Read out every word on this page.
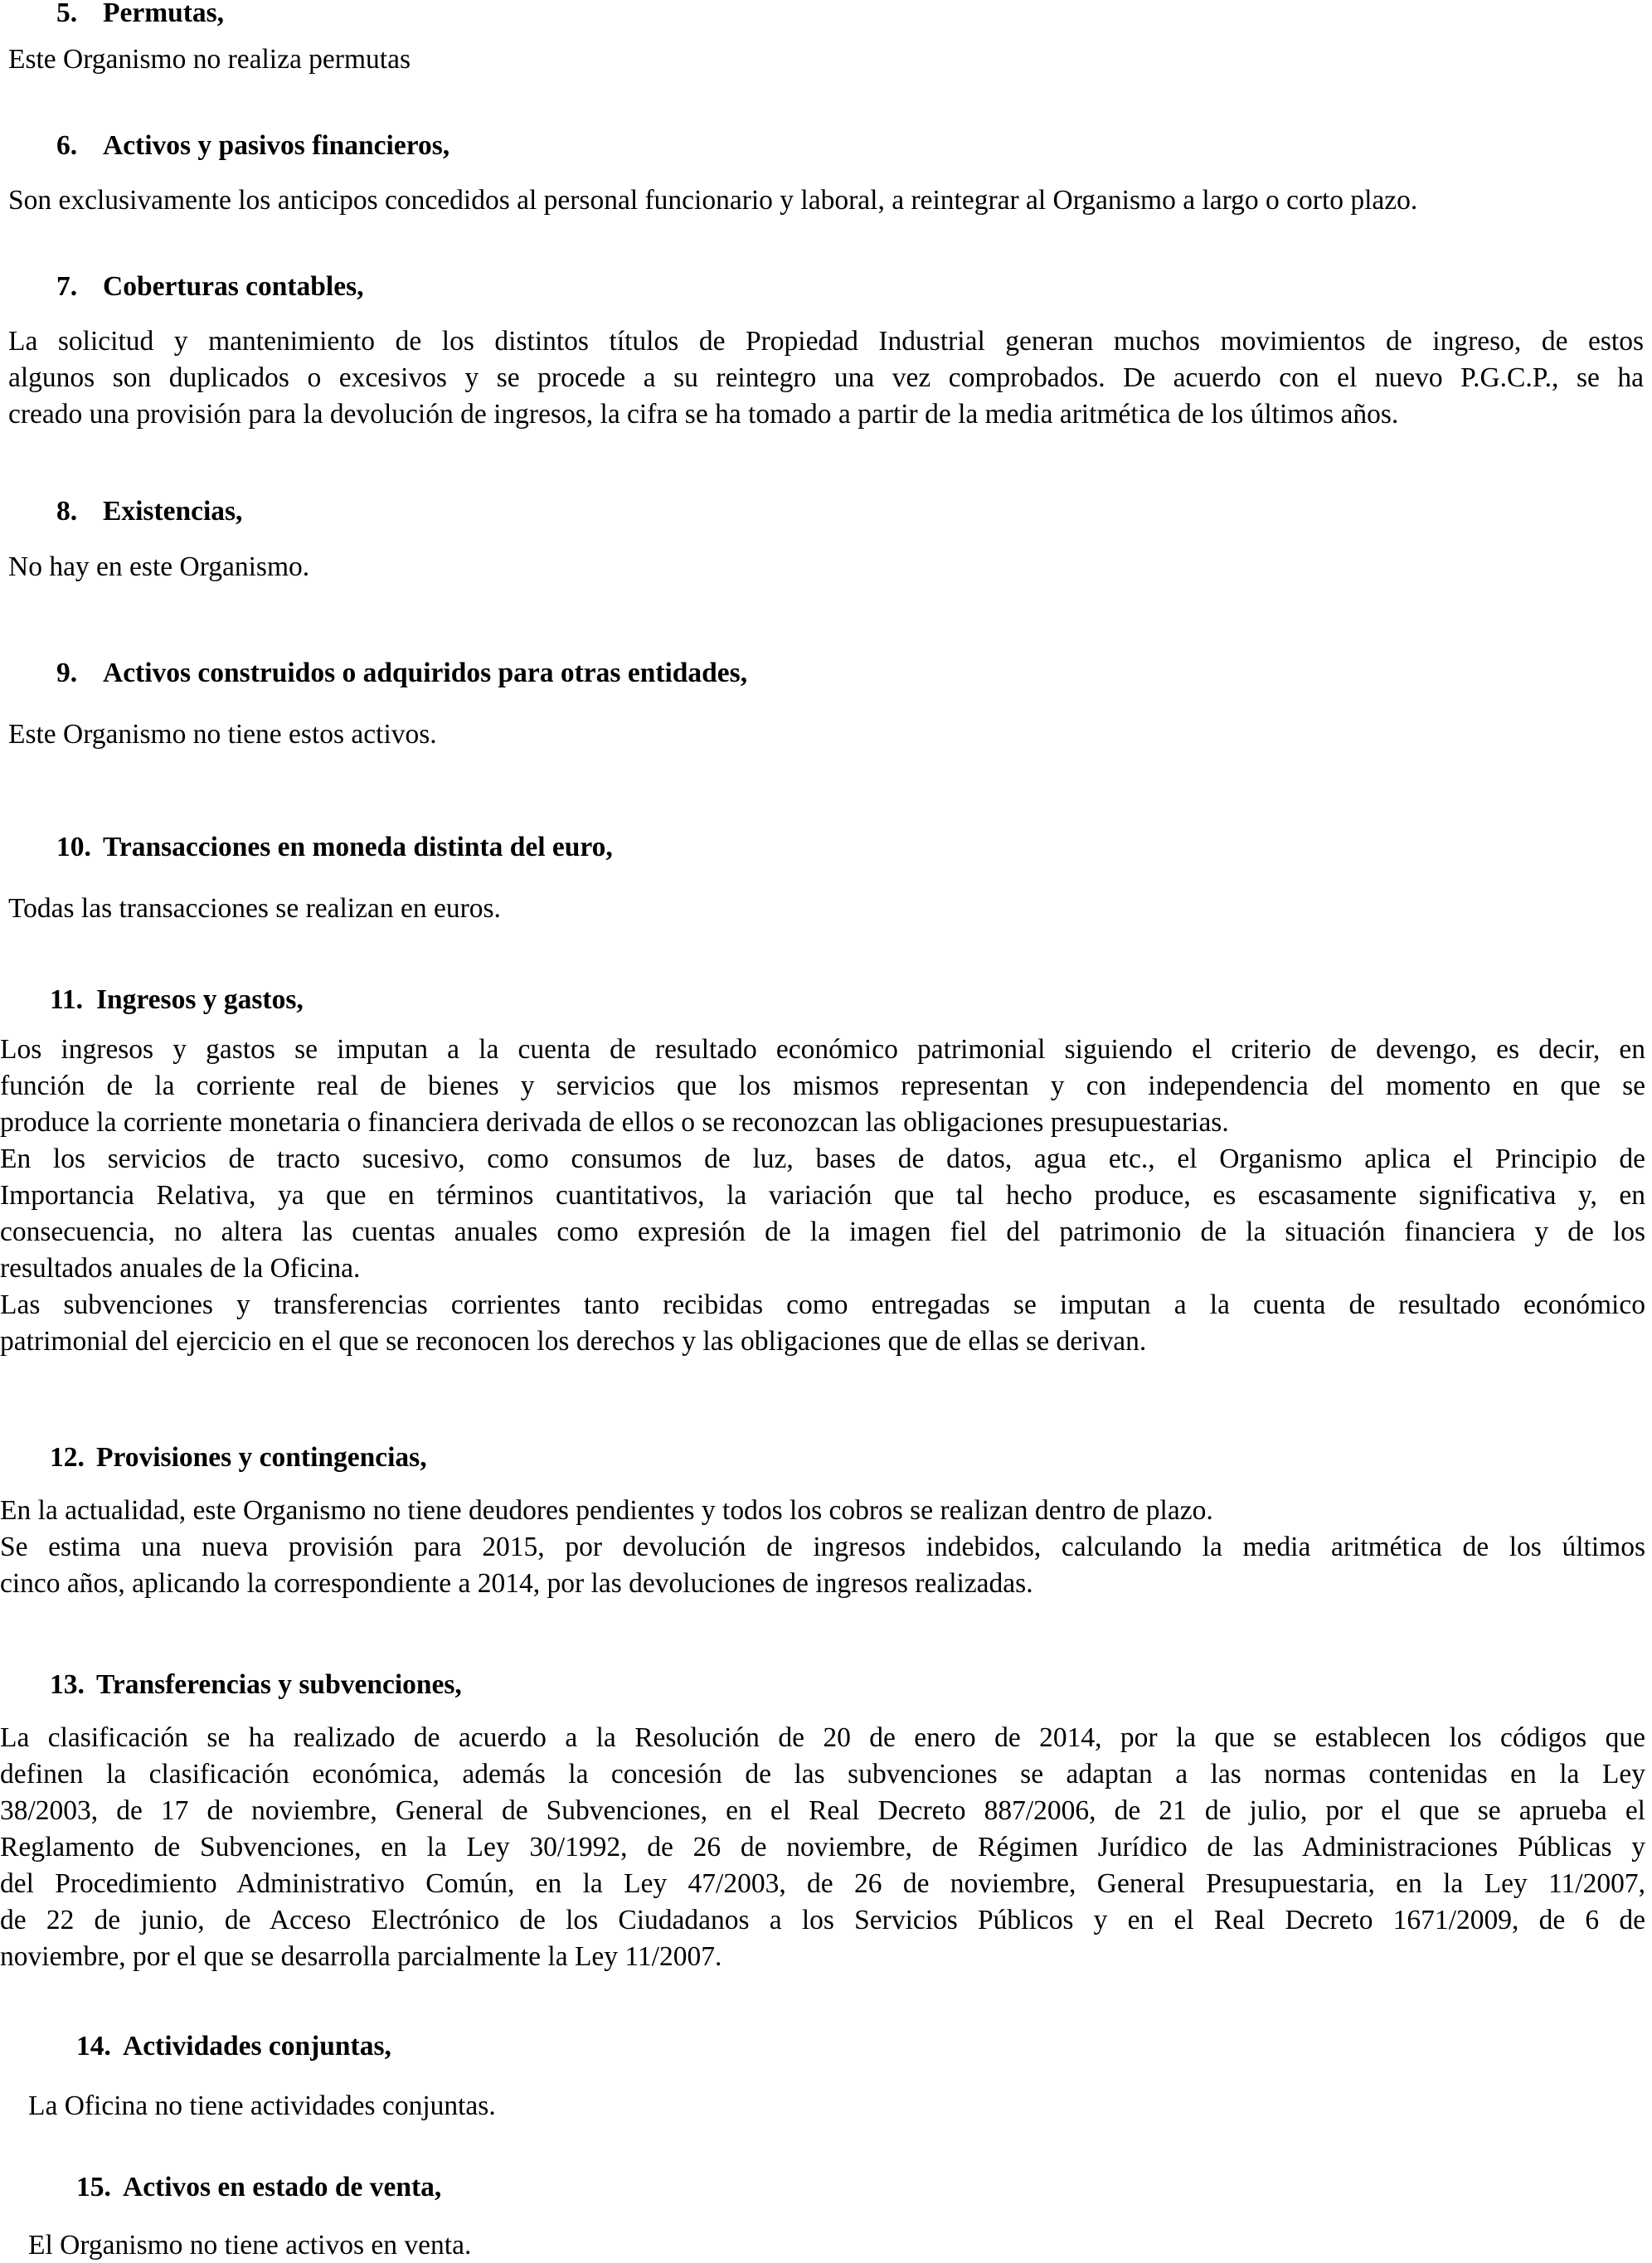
5. Permutas,
Este Organismo no realiza permutas
6. Activos y pasivos financieros,
Son exclusivamente los anticipos concedidos al personal funcionario y laboral, a reintegrar al Organismo a largo o corto plazo.
7. Coberturas contables,
La solicitud y mantenimiento de los distintos títulos de Propiedad Industrial generan muchos movimientos de ingreso, de estos
algunos son duplicados o excesivos y se procede a su reintegro una vez comprobados. De acuerdo con el nuevo P.G.C.P., se ha
creado una provisión para la devolución de ingresos, la cifra se ha tomado a partir de la media aritmética de los últimos años.
8. Existencias,
No hay en este Organismo.
9. Activos construidos o adquiridos para otras entidades,
Este Organismo no tiene estos activos.
10. Transacciones en moneda distinta del euro,
Todas las transacciones se realizan en euros.
11. Ingresos y gastos,
Los ingresos y gastos se imputan a la cuenta de resultado económico patrimonial siguiendo el criterio de devengo, es decir, en
función de la corriente real de bienes y servicios que los mismos representan y con independencia del momento en que se
produce la corriente monetaria o financiera derivada de ellos o se reconozcan las obligaciones presupuestarias.
En los servicios de tracto sucesivo, como consumos de luz, bases de datos, agua etc., el Organismo aplica el Principio de
Importancia Relativa, ya que en términos cuantitativos, la variación que tal hecho produce, es escasamente significativa y, en
consecuencia, no altera las cuentas anuales como expresión de la imagen fiel del patrimonio de la situación financiera y de los
resultados anuales de la Oficina.
Las subvenciones y transferencias corrientes tanto recibidas como entregadas se imputan a la cuenta de resultado económico
patrimonial del ejercicio en el que se reconocen los derechos y las obligaciones que de ellas se derivan.
12. Provisiones y contingencias,
En la actualidad, este Organismo no tiene deudores pendientes y todos los cobros se realizan dentro de plazo.
Se estima una nueva provisión para 2015, por devolución de ingresos indebidos, calculando la media aritmética de los últimos
cinco años, aplicando la correspondiente a 2014, por las devoluciones de ingresos realizadas.
13. Transferencias y subvenciones,
La clasificación se ha realizado de acuerdo a la Resolución de 20 de enero de 2014, por la que se establecen los códigos que
definen la clasificación económica, además la concesión de las subvenciones se adaptan a las normas contenidas en la Ley
38/2003, de 17 de noviembre, General de Subvenciones, en el Real Decreto 887/2006, de 21 de julio, por el que se aprueba el
Reglamento de Subvenciones, en la Ley 30/1992, de 26 de noviembre, de Régimen Jurídico de las Administraciones Públicas y
del Procedimiento Administrativo Común, en la Ley 47/2003, de 26 de noviembre, General Presupuestaria, en la Ley 11/2007,
de 22 de junio, de Acceso Electrónico de los Ciudadanos a los Servicios Públicos y en el Real Decreto 1671/2009, de 6 de
noviembre, por el que se desarrolla parcialmente la Ley 11/2007.
14. Actividades conjuntas,
La Oficina no tiene actividades conjuntas.
15. Activos en estado de venta,
El Organismo no tiene activos en venta.
